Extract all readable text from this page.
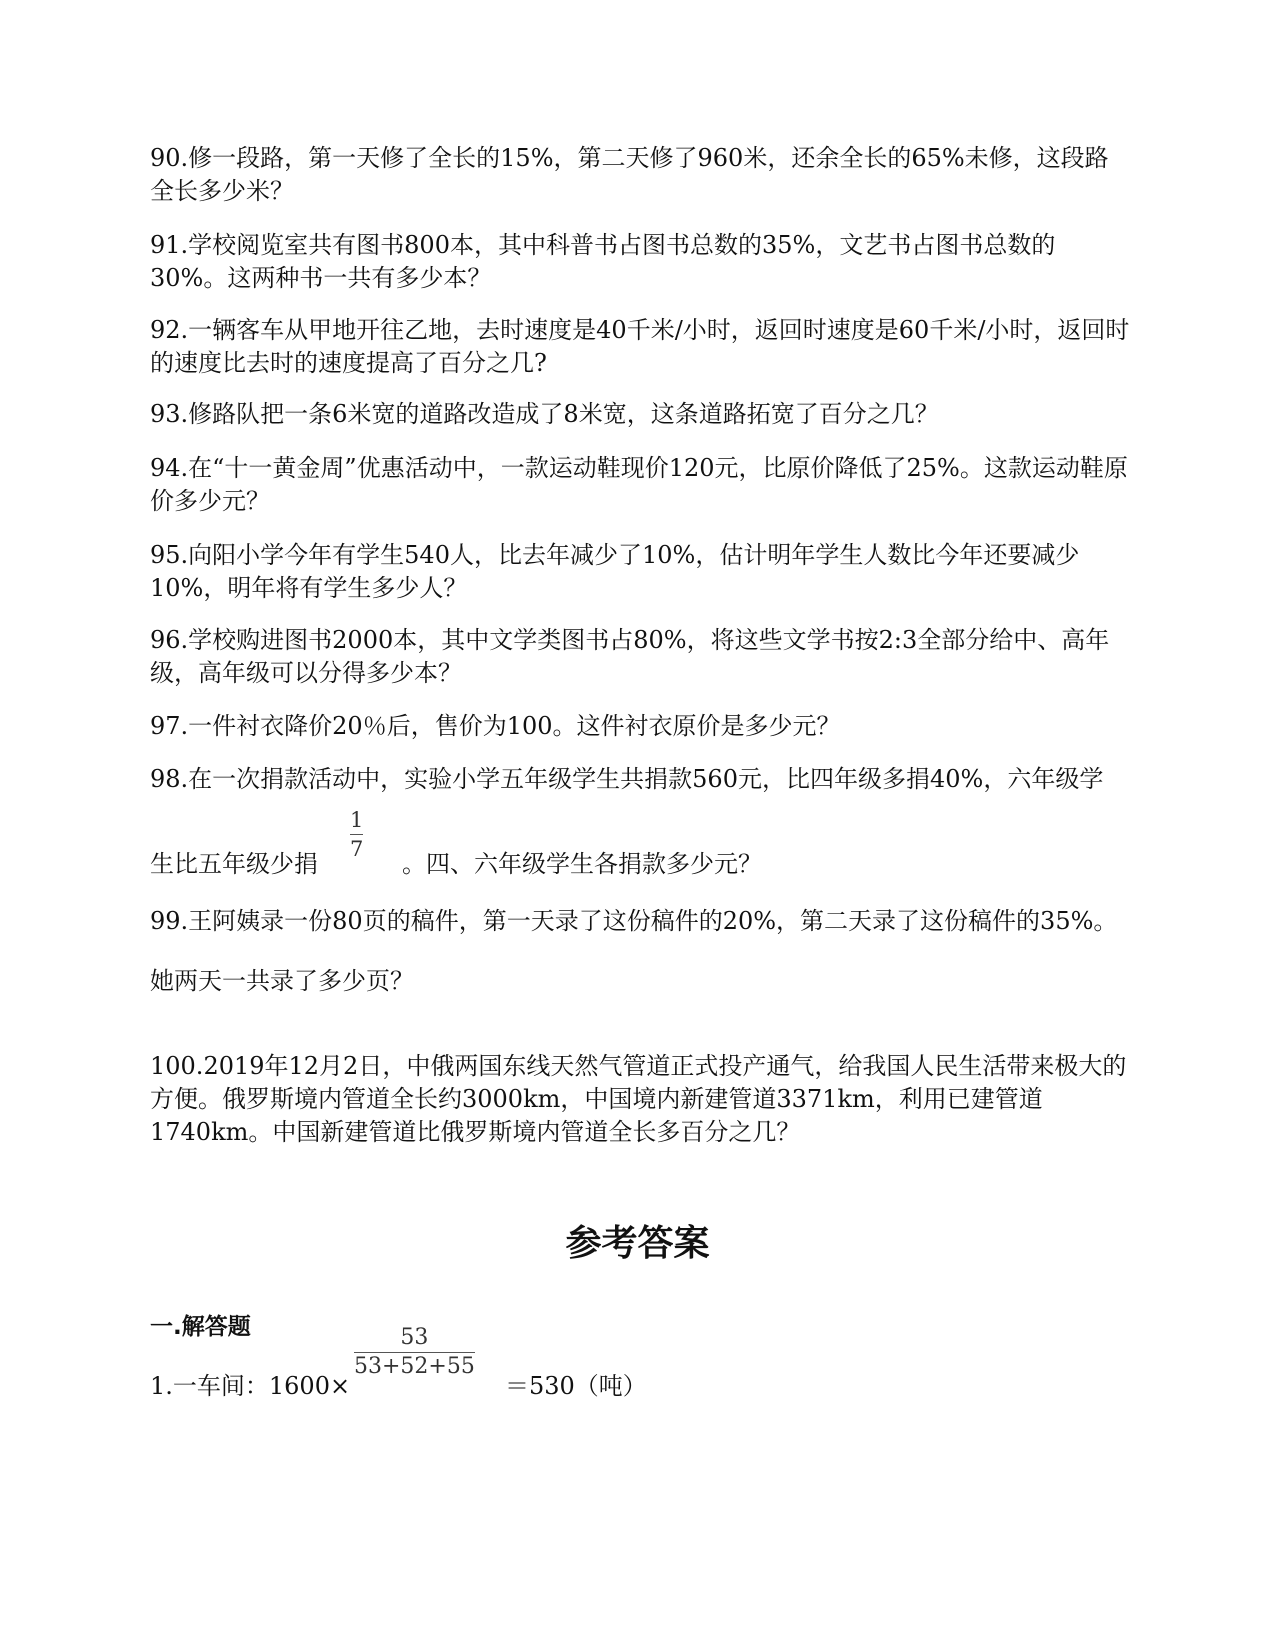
90.修一段路，第一天修了全长的15%，第二天修了960米，还余全长的65%未修，这段路全长多少米？
91.学校阅览室共有图书800本，其中科普书占图书总数的35%，文艺书占图书总数的30%。这两种书一共有多少本？
92.一辆客车从甲地开往乙地，去时速度是40千米/小时，返回时速度是60千米/小时，返回时的速度比去时的速度提高了百分之几?
93.修路队把一条6米宽的道路改造成了8米宽，这条道路拓宽了百分之几？
94.在“十一黄金周”优惠活动中，一款运动鞋现价120元，比原价降低了25%。这款运动鞋原价多少元？
95.向阳小学今年有学生540人，比去年减少了10%，估计明年学生人数比今年还要减少10%，明年将有学生多少人？
96.学校购进图书2000本，其中文学类图书占80%，将这些文学书按2:3全部分给中、高年级，高年级可以分得多少本？
97.一件衬衣降价20％后，售价为100。这件衬衣原价是多少元？
98.在一次捐款活动中，实验小学五年级学生共捐款560元，比四年级多捐40%，六年级学
生比五年级少捐
1
7
。四、六年级学生各捐款多少元？
99.王阿姨录一份80页的稿件，第一天录了这份稿件的20%，第二天录了这份稿件的35%。
她两天一共录了多少页？
100.2019年12月2日，中俄两国东线天然气管道正式投产通气，给我国人民生活带来极大的方便。俄罗斯境内管道全长约3000km，中国境内新建管道3371km，利用已建管道1740km。中国新建管道比俄罗斯境内管道全长多百分之几？
参考答案
一.解答题
1.一车间：1600×
53
53+52+55
＝530（吨）
